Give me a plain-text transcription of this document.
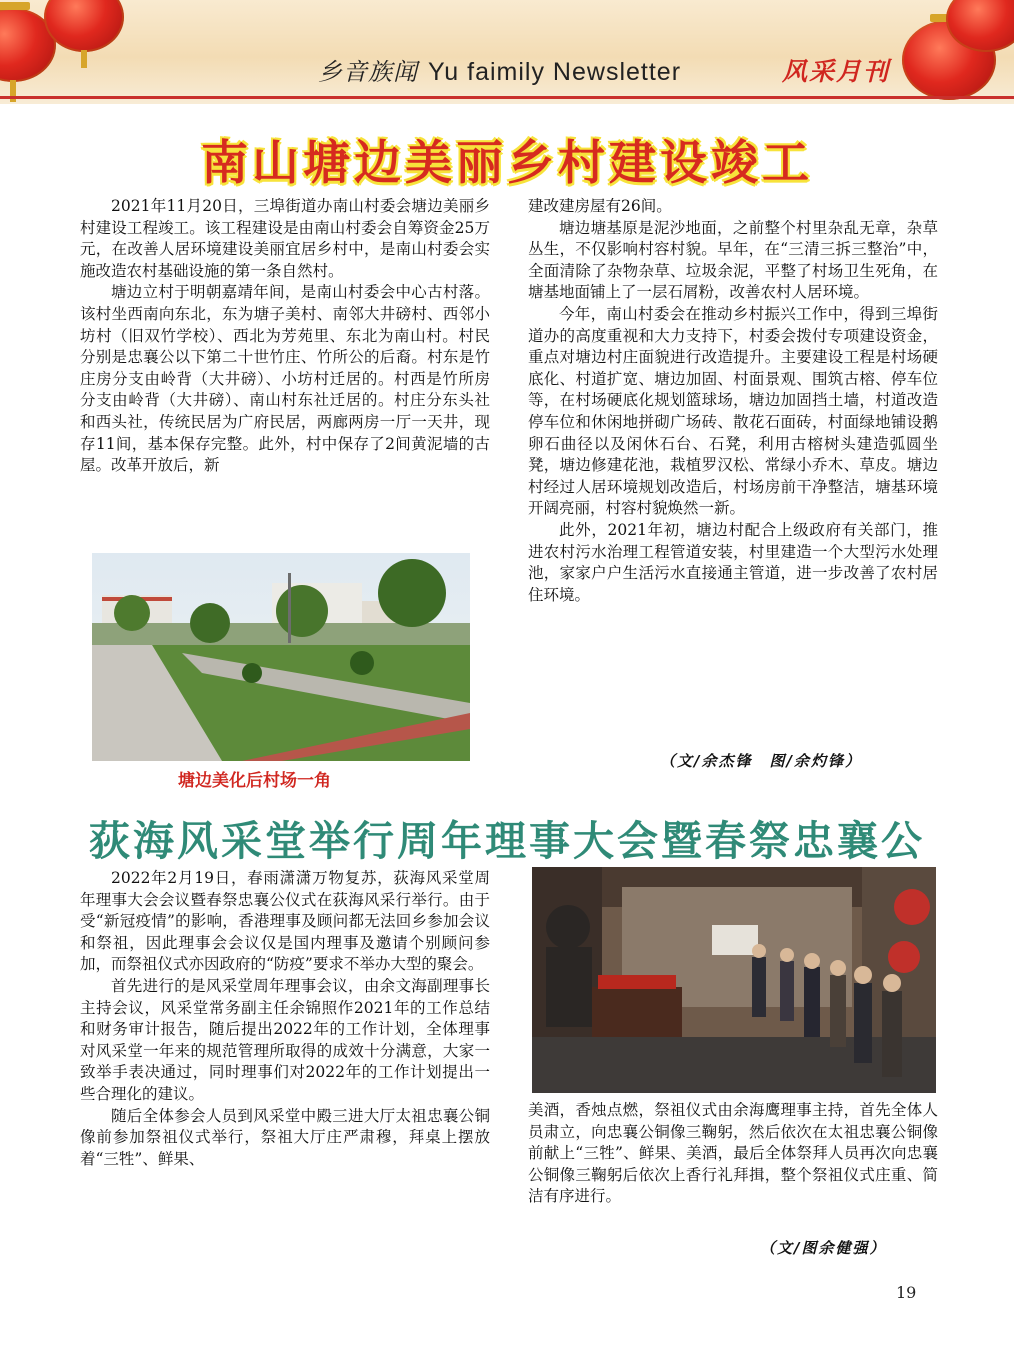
乡音族闻 Yu faimily Newsletter	风采月刊
南山塘边美丽乡村建设竣工

2021年11月20日，三埠街道办南山村委会塘边美丽乡村建设工程竣工。该工程建设是由南山村委会自筹资金25万元，在改善人居环境建设美丽宜居乡村中，是南山村委会实施改造农村基础设施的第一条自然村。

塘边立村于明朝嘉靖年间，是南山村委会中心古村落。该村坐西南向东北，东为塘子美村、南邻大井磅村、西邻小坊村（旧双竹学校）、西北为芳苑里、东北为南山村。村民分别是忠襄公以下第二十世竹庄、竹所公的后裔。村东是竹庄房分支由岭背（大井磅）、小坊村迁居的。村西是竹所房分支由岭背（大井磅）、南山村东社迁居的。村庄分东头社和西头社，传统民居为广府民居，两廊两房一厅一天井，现存11间，基本保存完整。此外，村中保存了2间黄泥墙的古屋。改革开放后，新

塘边美化后村场一角

建改建房屋有26间。

塘边塘基原是泥沙地面，之前整个村里杂乱无章，杂草丛生，不仅影响村容村貌。早年，在“三清三拆三整治”中，全面清除了杂物杂草、垃圾余泥，平整了村场卫生死角，在塘基地面铺上了一层石屑粉，改善农村人居环境。

今年，南山村委会在推动乡村振兴工作中，得到三埠街道办的高度重视和大力支持下，村委会拨付专项建设资金，重点对塘边村庄面貌进行改造提升。主要建设工程是村场硬底化、村道扩宽、塘边加固、村面景观、围筑古榕、停车位等，在村场硬底化规划篮球场，塘边加固挡土墙，村道改造停车位和休闲地拼砌广场砖、散花石面砖，村面绿地铺设鹅卵石曲径以及闲休石台、石凳，利用古榕树头建造弧圆坐凳，塘边修建花池，栽植罗汉松、常绿小乔木、草皮。塘边村经过人居环境规划改造后，村场房前干净整洁，塘基环境开阔亮丽，村容村貌焕然一新。

此外，2021年初，塘边村配合上级政府有关部门，推进农村污水治理工程管道安装，村里建造一个大型污水处理池，家家户户生活污水直接通主管道，进一步改善了农村居住环境。

（文/余杰锋　图/余灼锋）
荻海风采堂举行周年理事大会暨春祭忠襄公

2022年2月19日，春雨潇潇万物复苏，荻海风采堂周年理事大会会议暨春祭忠襄公仪式在荻海风采行举行。由于受“新冠疫情”的影响，香港理事及顾问都无法回乡参加会议和祭祖，因此理事会会议仅是国内理事及邀请个别顾问参加，而祭祖仪式亦因政府的“防疫”要求不举办大型的聚会。

首先进行的是风采堂周年理事会议，由余文海副理事长主持会议，风采堂常务副主任余锦照作2021年的工作总结和财务审计报告，随后提出2022年的工作计划，全体理事对风采堂一年来的规范管理所取得的成效十分满意，大家一致举手表决通过，同时理事们对2022年的工作计划提出一些合理化的建议。

随后全体参会人员到风采堂中殿三进大厅太祖忠襄公铜像前参加祭祖仪式举行，祭祖大厅庄严肃穆，拜桌上摆放着“三牲”、鲜果、

美酒，香烛点燃，祭祖仪式由余海鹰理事主持，首先全体人员肃立，向忠襄公铜像三鞠躬，然后依次在太祖忠襄公铜像前献上“三牲”、鲜果、美酒，最后全体祭拜人员再次向忠襄公铜像三鞠躬后依次上香行礼拜揖，整个祭祖仪式庄重、简洁有序进行。

（文/图余健强）
19
